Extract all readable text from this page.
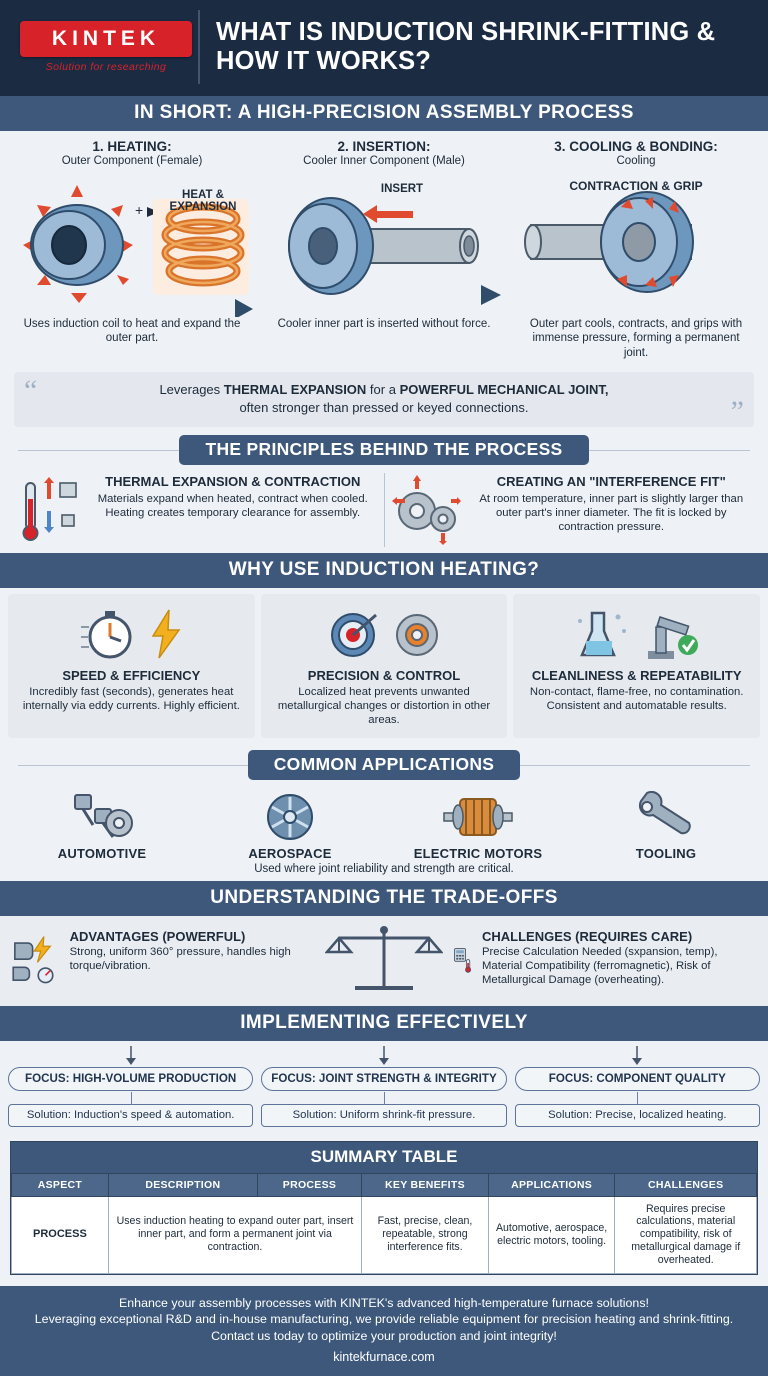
KINTEK
Solution for researching
WHAT IS INDUCTION SHRINK-FITTING & HOW IT WORKS?
IN SHORT: A HIGH-PRECISION ASSEMBLY PROCESS
1. HEATING:
Outer Component (Female)
+
HEAT & EXPANSION
Uses induction coil to heat and expand the outer part.
2. INSERTION:
Cooler Inner Component (Male)
INSERT
Cooler inner part is inserted without force.
3. COOLING & BONDING:
Cooling
CONTRACTION & GRIP
Outer part cools, contracts, and grips with immense pressure, forming a permanent joint.
“	Leverages THERMAL EXPANSION for a POWERFUL MECHANICAL JOINT,
often stronger than pressed or keyed connections.	”
THE PRINCIPLES BEHIND THE PROCESS
THERMAL EXPANSION & CONTRACTION
Materials expand when heated, contract when cooled. Heating creates temporary clearance for assembly.
CREATING AN "INTERFERENCE FIT"
At room temperature, inner part is slightly larger than outer part's inner diameter. The fit is locked by contraction pressure.
WHY USE INDUCTION HEATING?
SPEED & EFFICIENCY
Incredibly fast (seconds), generates heat internally via eddy currents. Highly efficient.
PRECISION & CONTROL
Localized heat prevents unwanted metallurgical changes or distortion in other areas.
CLEANLINESS & REPEATABILITY
Non-contact, flame-free, no contamination. Consistent and automatable results.
COMMON APPLICATIONS
AUTOMOTIVE	AEROSPACE	ELECTRIC MOTORS	TOOLING
Used where joint reliability and strength are critical.
UNDERSTANDING THE TRADE-OFFS
ADVANTAGES (POWERFUL)
Strong, uniform 360° pressure, handles high torque/vibration.
CHALLENGES (REQUIRES CARE)
Precise Calculation Needed (sxpansion, temp), Material Compatibility (ferromagnetic), Risk of Metallurgical Damage (overheating).
IMPLEMENTING EFFECTIVELY
FOCUS: HIGH-VOLUME PRODUCTION
Solution: Induction's speed & automation.
FOCUS: JOINT STRENGTH & INTEGRITY
Solution: Uniform shrink-fit pressure.
FOCUS: COMPONENT QUALITY
Solution: Precise, localized heating.
SUMMARY TABLE
ASPECT	DESCRIPTION	PROCESS	KEY BENEFITS	APPLICATIONS	CHALLENGES
PROCESS	Uses induction heating to expand outer part, insert inner part, and form a permanent joint via contraction.		Fast, precise, clean, repeatable, strong interference fits.	Automotive, aerospace, electric motors, tooling.	Requires precise calculations, material compatibility, risk of metallurgical damage if overheated.
Enhance your assembly processes with KINTEK's advanced high-temperature furnace solutions!
Leveraging exceptional R&D and in-house manufacturing, we provide reliable equipment for precision heating and shrink-fitting. Contact us today to optimize your production and joint integrity!
kintekfurnace.com
